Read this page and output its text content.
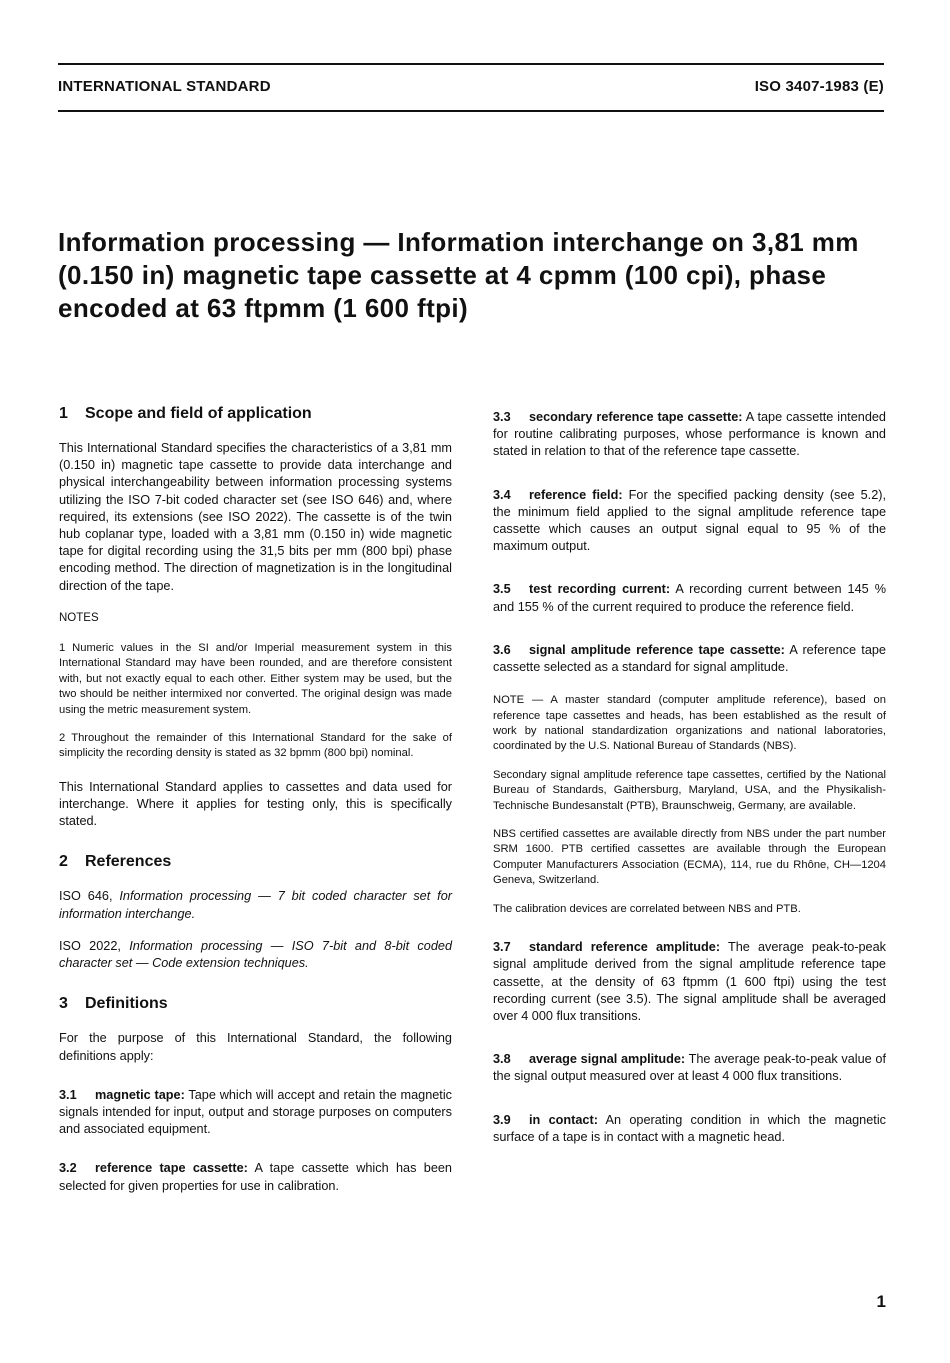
INTERNATIONAL STANDARD	ISO 3407-1983 (E)
Information processing — Information interchange on 3,81 mm (0.150 in) magnetic tape cassette at 4 cpmm (100 cpi), phase encoded at 63 ftpmm (1 600 ftpi)
1 Scope and field of application

This International Standard specifies the characteristics of a 3,81 mm (0.150 in) magnetic tape cassette to provide data interchange and physical interchangeability between information processing systems utilizing the ISO 7-bit coded character set (see ISO 646) and, where required, its extensions (see ISO 2022). The cassette is of the twin hub coplanar type, loaded with a 3,81 mm (0.150 in) wide magnetic tape for digital recording using the 31,5 bits per mm (800 bpi) phase encoding method. The direction of magnetization is in the longitudinal direction of the tape.

NOTES

1 Numeric values in the SI and/or Imperial measurement system in this International Standard may have been rounded, and are therefore consistent with, but not exactly equal to each other. Either system may be used, but the two should be neither intermixed nor converted. The original design was made using the metric measurement system.

2 Throughout the remainder of this International Standard for the sake of simplicity the recording density is stated as 32 bpmm (800 bpi) nominal.

This International Standard applies to cassettes and data used for interchange. Where it applies for testing only, this is specifically stated.

2 References

ISO 646, Information processing — 7 bit coded character set for information interchange.

ISO 2022, Information processing — ISO 7-bit and 8-bit coded character set — Code extension techniques.

3 Definitions

For the purpose of this International Standard, the following definitions apply:

3.1 magnetic tape: Tape which will accept and retain the magnetic signals intended for input, output and storage purposes on computers and associated equipment.

3.2 reference tape cassette: A tape cassette which has been selected for given properties for use in calibration.

3.3 secondary reference tape cassette: A tape cassette intended for routine calibrating purposes, whose performance is known and stated in relation to that of the reference tape cassette.

3.4 reference field: For the specified packing density (see 5.2), the minimum field applied to the signal amplitude reference tape cassette which causes an output signal equal to 95 % of the maximum output.

3.5 test recording current: A recording current between 145 % and 155 % of the current required to produce the reference field.

3.6 signal amplitude reference tape cassette: A reference tape cassette selected as a standard for signal amplitude.

NOTE — A master standard (computer amplitude reference), based on reference tape cassettes and heads, has been established as the result of work by national standardization organizations and national laboratories, coordinated by the U.S. National Bureau of Standards (NBS).

Secondary signal amplitude reference tape cassettes, certified by the National Bureau of Standards, Gaithersburg, Maryland, USA, and the Physikalish-Technische Bundesanstalt (PTB), Braunschweig, Germany, are available.

NBS certified cassettes are available directly from NBS under the part number SRM 1600. PTB certified cassettes are available through the European Computer Manufacturers Association (ECMA), 114, rue du Rhône, CH—1204 Geneva, Switzerland.

The calibration devices are correlated between NBS and PTB.

3.7 standard reference amplitude: The average peak-to-peak signal amplitude derived from the signal amplitude reference tape cassette, at the density of 63 ftpmm (1 600 ftpi) using the test recording current (see 3.5). The signal amplitude shall be averaged over 4 000 flux transitions.

3.8 average signal amplitude: The average peak-to-peak value of the signal output measured over at least 4 000 flux transitions.

3.9 in contact: An operating condition in which the magnetic surface of a tape is in contact with a magnetic head.

1
